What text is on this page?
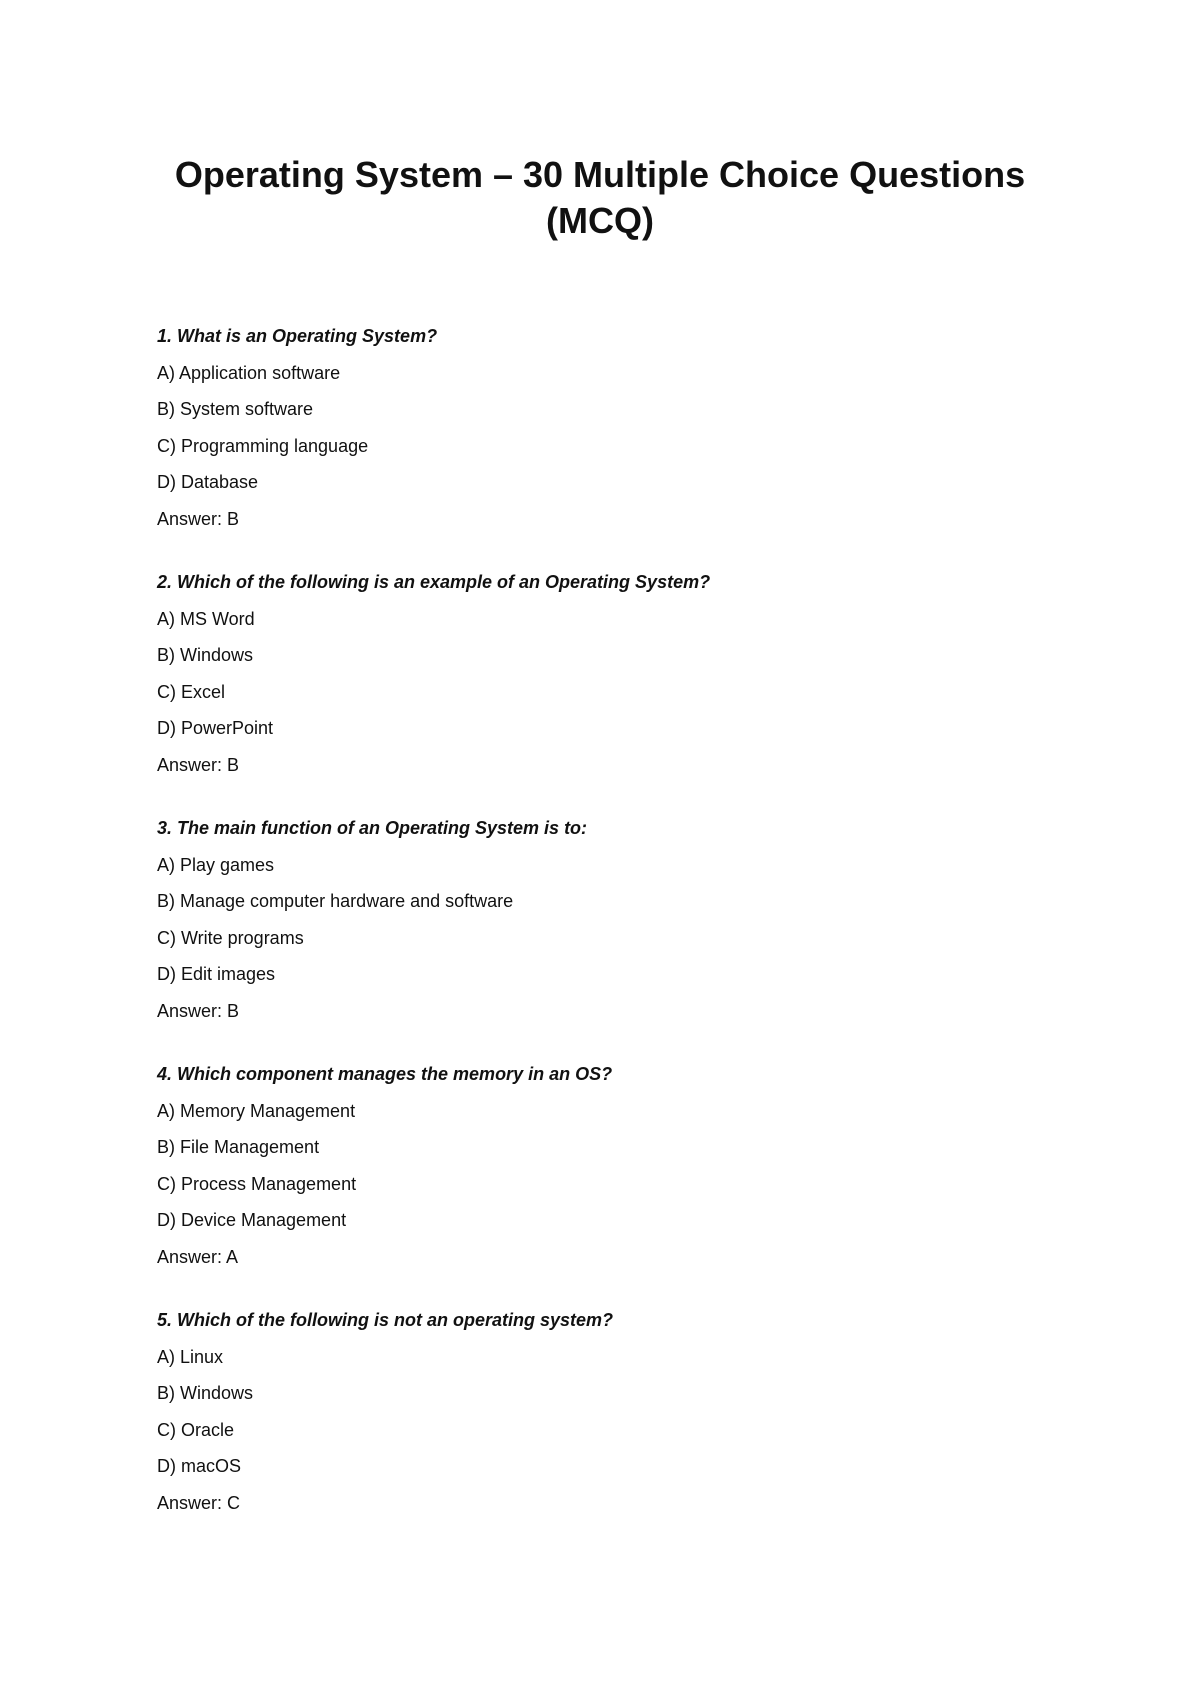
Operating System – 30 Multiple Choice Questions (MCQ)

1. What is an Operating System?

A) Application software

B) System software

C) Programming language

D) Database

Answer: B

2. Which of the following is an example of an Operating System?

A) MS Word

B) Windows

C) Excel

D) PowerPoint

Answer: B

3. The main function of an Operating System is to:

A) Play games

B) Manage computer hardware and software

C) Write programs

D) Edit images

Answer: B

4. Which component manages the memory in an OS?

A) Memory Management

B) File Management

C) Process Management

D) Device Management

Answer: A

5. Which of the following is not an operating system?

A) Linux

B) Windows

C) Oracle

D) macOS

Answer: C
